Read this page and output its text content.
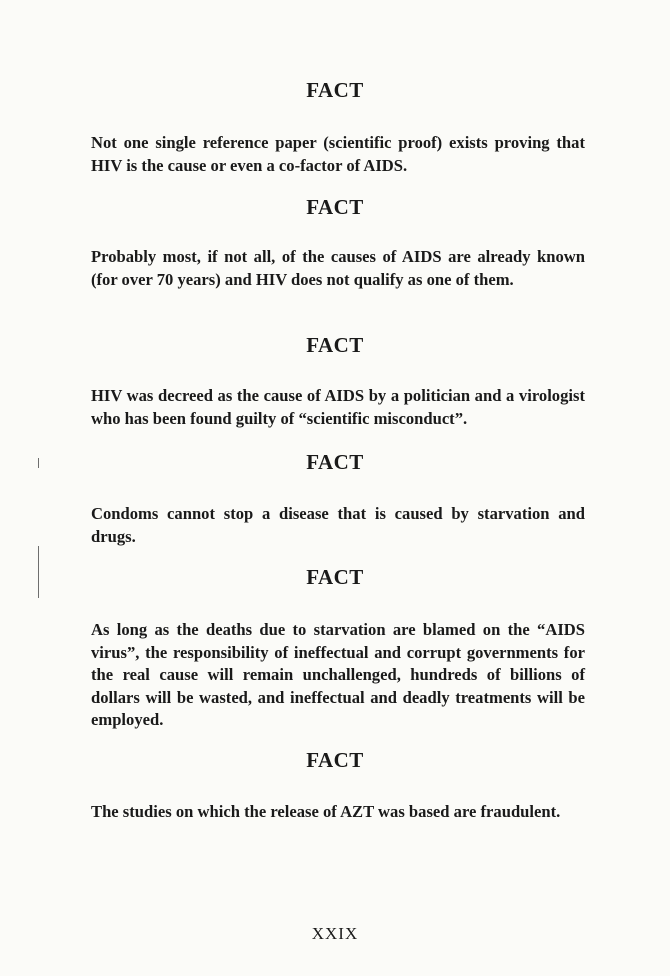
FACT
Not one single reference paper (scientific proof) exists proving that HIV is the cause or even a co-factor of AIDS.
FACT
Probably most, if not all, of the causes of AIDS are already known (for over 70 years) and HIV does not qualify as one of them.
FACT
HIV was decreed as the cause of AIDS by a politician and a virologist who has been found guilty of “scientific misconduct”.
FACT
Condoms cannot stop a disease that is caused by starvation and drugs.
FACT
As long as the deaths due to starvation are blamed on the “AIDS virus”, the responsibility of ineffectual and corrupt governments for the real cause will remain unchallenged, hundreds of billions of dollars will be wasted, and ineffectual and deadly treatments will be employed.
FACT
The studies on which the release of AZT was based are fraudulent.
XXIX
